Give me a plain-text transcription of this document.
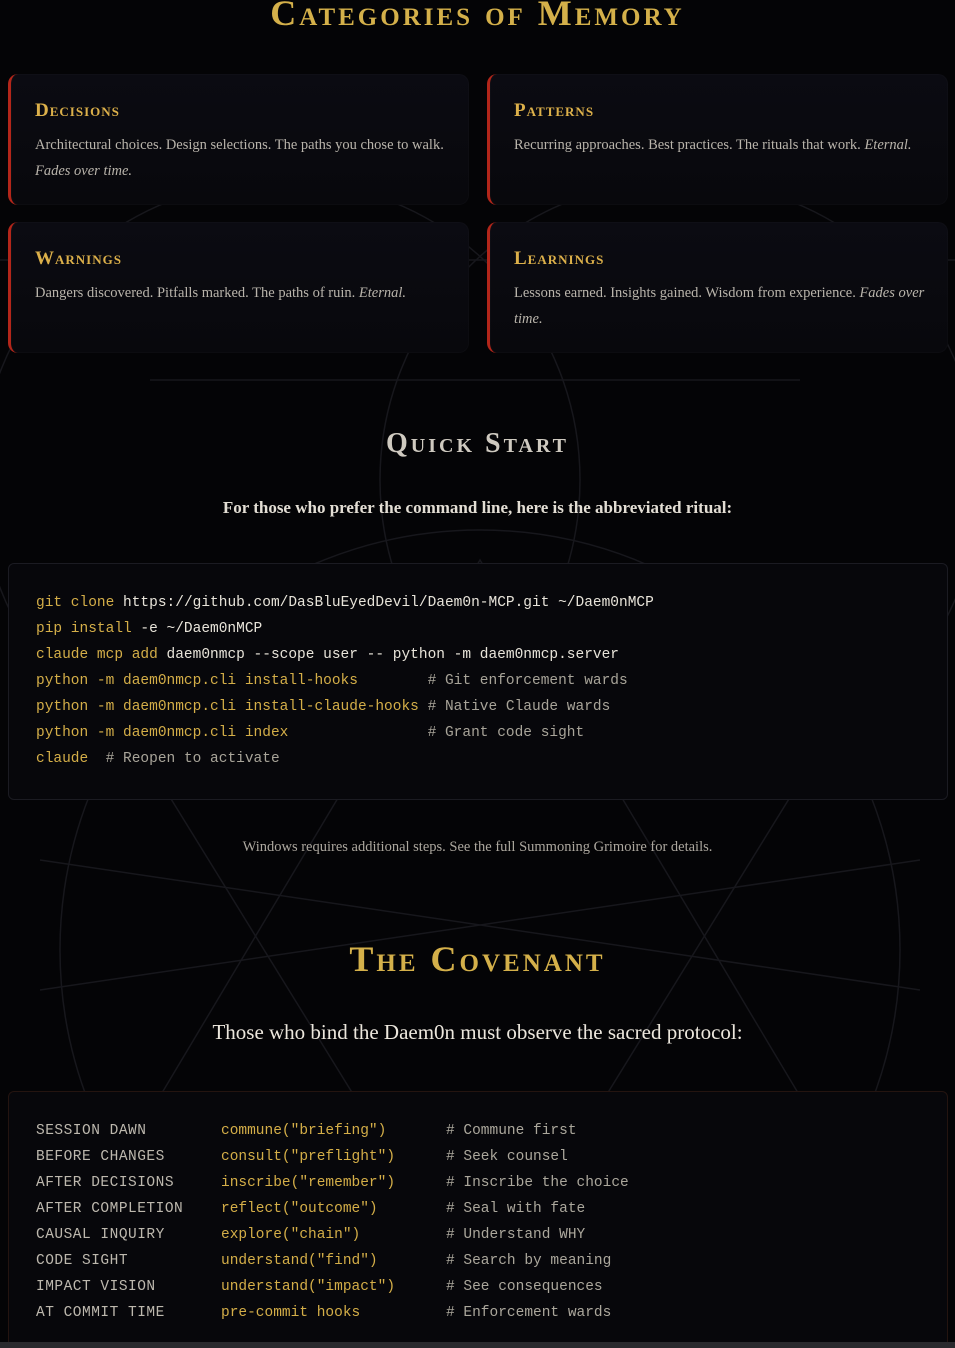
Categories of Memory
Decisions
Architectural choices. Design selections. The paths you chose to walk. Fades over time.
Patterns
Recurring approaches. Best practices. The rituals that work. Eternal.
Warnings
Dangers discovered. Pitfalls marked. The paths of ruin. Eternal.
Learnings
Lessons earned. Insights gained. Wisdom from experience. Fades over time.
Quick Start

For those who prefer the command line, here is the abbreviated ritual:

git clone https://github.com/DasBluEyedDevil/Daem0n-MCP.git ~/Daem0nMCP
pip install -e ~/Daem0nMCP
claude mcp add daem0nmcp --scope user -- python -m daem0nmcp.server
python -m daem0nmcp.cli install-hooks	# Git enforcement wards
python -m daem0nmcp.cli install-claude-hooks # Native Claude wards
python -m daem0nmcp.cli index	# Grant code sight
claude # Reopen to activate

Windows requires additional steps. See the full Summoning Grimoire for details.

The Covenant

Those who bind the Daem0n must observe the sacred protocol:

SESSION DAWN	commune("briefing")	# Commune first
BEFORE CHANGES	consult("preflight")	# Seek counsel
AFTER DECISIONS	inscribe("remember")	# Inscribe the choice
AFTER COMPLETION	reflect("outcome")	# Seal with fate
CAUSAL INQUIRY	explore("chain")	# Understand WHY
CODE SIGHT	understand("find")	# Search by meaning
IMPACT VISION	understand("impact")	# See consequences
AT COMMIT TIME	pre-commit hooks	# Enforcement wards
